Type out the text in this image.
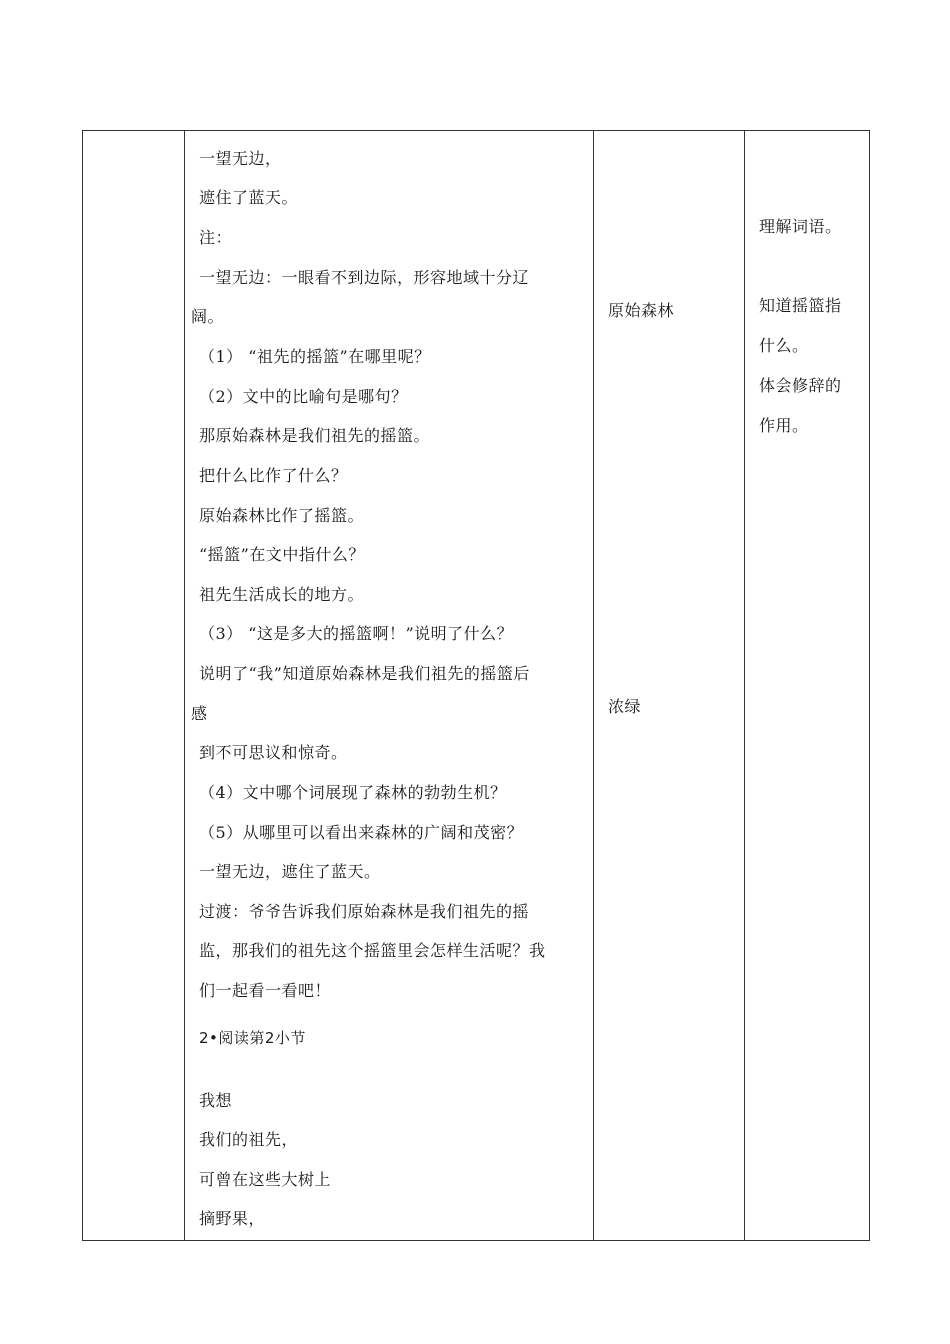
一望无边，
遮住了蓝天。
注：
一望无边：一眼看不到边际，形容地域十分辽
阔。
（1） “祖先的摇篮”在哪里呢？
（2）文中的比喻句是哪句？
那原始森林是我们祖先的摇篮。
把什么比作了什么？
原始森林比作了摇篮。
“摇篮”在文中指什么？
祖先生活成长的地方。
（3） “这是多大的摇篮啊！”说明了什么？
说明了“我”知道原始森林是我们祖先的摇篮后
感
到不可思议和惊奇。
（4）文中哪个词展现了森林的勃勃生机？
（5）从哪里可以看出来森林的广阔和茂密？
一望无边，遮住了蓝天。
过渡：爷爷告诉我们原始森林是我们祖先的摇
监，那我们的祖先这个摇篮里会怎样生活呢？我
们一起看一看吧！
2•阅读第2小节
我想
我们的祖先，
可曾在这些大树上
摘野果，
原始森林
浓绿
理解词语。
知道摇篮指
什么。
体会修辞的
作用。
